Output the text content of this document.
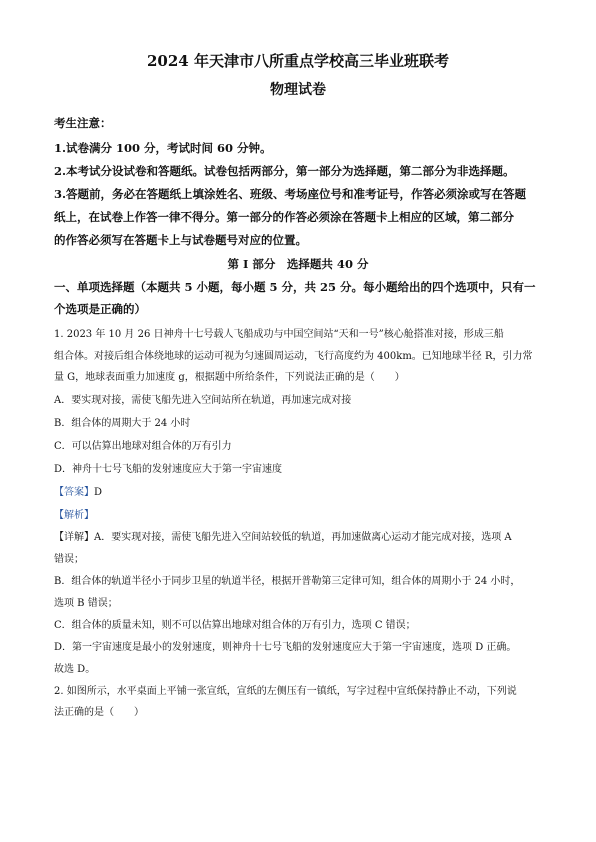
2024 年天津市八所重点学校高三毕业班联考
物理试卷

考生注意：

1.试卷满分 100 分，考试时间 60 分钟。

2.本考试分设试卷和答题纸。试卷包括两部分，第一部分为选择题，第二部分为非选择题。

3.答题前，务必在答题纸上填涂姓名、班级、考场座位号和准考证号，作答必须涂或写在答题

纸上，在试卷上作答一律不得分。第一部分的作答必须涂在答题卡上相应的区域，第二部分

的作答必须写在答题卡上与试卷题号对应的位置。

第 I 部分　选择题共 40 分

一、单项选择题（本题共 5 小题，每小题 5 分，共 25 分。每小题给出的四个选项中，只有一

个选项是正确的）

1. 2023 年 10 月 26 日神舟十七号载人飞船成功与中国空间站“天和一号”核心舱搭准对接，形成三船

组合体。对接后组合体绕地球的运动可视为匀速圆周运动，飞行高度约为 400km。已知地球半径 R，引力常

量 G，地球表面重力加速度 g，根据题中所给条件，下列说法正确的是（　　）

A．要实现对接，需使飞船先进入空间站所在轨道，再加速完成对接

B．组合体的周期大于 24 小时

C．可以估算出地球对组合体的万有引力

D．神舟十七号飞船的发射速度应大于第一宇宙速度

【答案】D

【解析】

【详解】A．要实现对接，需使飞船先进入空间站较低的轨道，再加速做离心运动才能完成对接，选项 A

错误；

B．组合体的轨道半径小于同步卫星的轨道半径，根据开普勒第三定律可知，组合体的周期小于 24 小时，

选项 B 错误；

C．组合体的质量未知，则不可以估算出地球对组合体的万有引力，选项 C 错误；

D．第一宇宙速度是最小的发射速度，则神舟十七号飞船的发射速度应大于第一宇宙速度，选项 D 正确。

故选 D。

2. 如图所示，水平桌面上平铺一张宣纸，宣纸的左侧压有一镇纸，写字过程中宣纸保持静止不动，下列说

法正确的是（　　）
